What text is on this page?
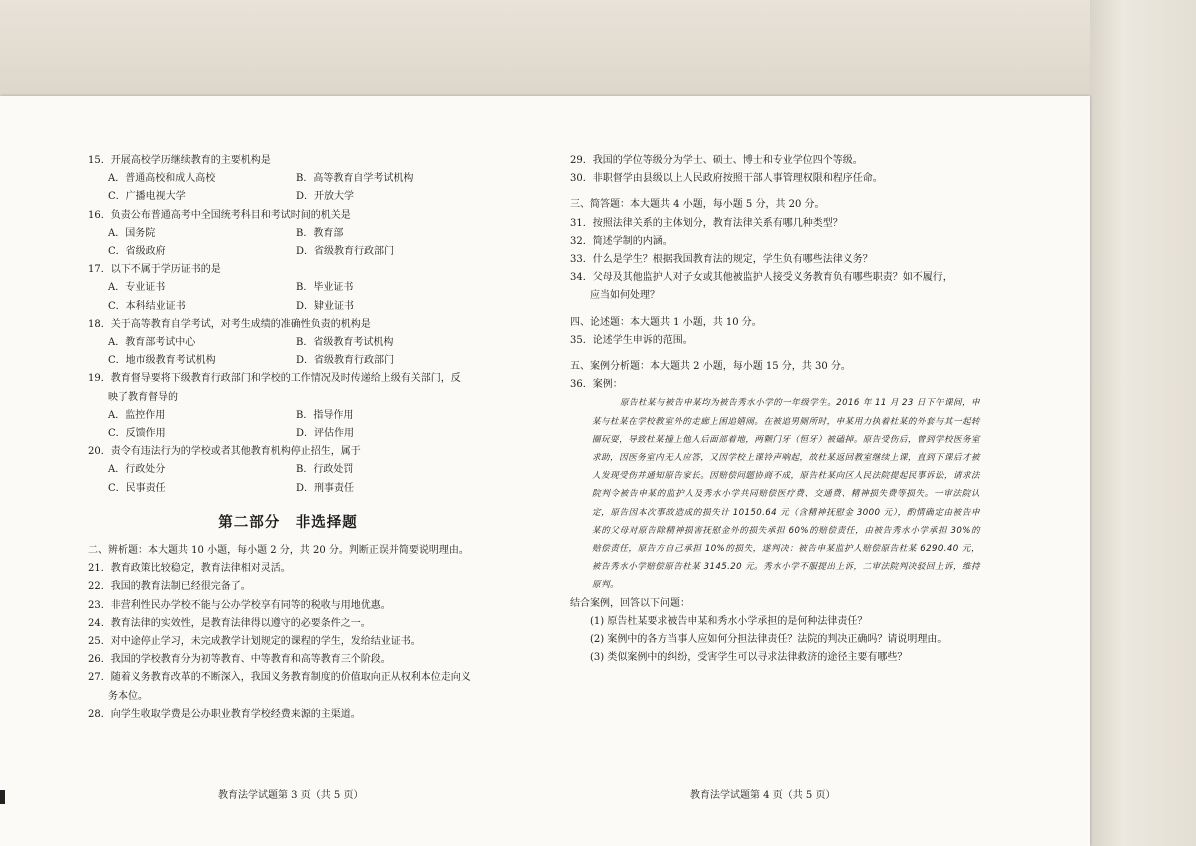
15．开展高校学历继续教育的主要机构是
A．普通高校和成人高校	B．高等教育自学考试机构
C．广播电视大学	D．开放大学
16．负责公布普通高考中全国统考科目和考试时间的机关是
A．国务院	B．教育部
C．省级政府	D．省级教育行政部门
17．以下不属于学历证书的是
A．专业证书	B．毕业证书
C．本科结业证书	D．肄业证书
18．关于高等教育自学考试，对考生成绩的准确性负责的机构是
A．教育部考试中心	B．省级教育考试机构
C．地市级教育考试机构	D．省级教育行政部门
19．教育督导要将下级教育行政部门和学校的工作情况及时传递给上级有关部门，反
映了教育督导的
A．监控作用	B．指导作用
C．反馈作用	D．评估作用
20．责令有违法行为的学校或者其他教育机构停止招生，属于
A．行政处分	B．行政处罚
C．民事责任	D．刑事责任
第二部分　非选择题
二、辨析题：本大题共 10 小题，每小题 2 分，共 20 分。判断正误并简要说明理由。
21．教育政策比较稳定，教育法律相对灵活。
22．我国的教育法制已经很完备了。
23．非营利性民办学校不能与公办学校享有同等的税收与用地优惠。
24．教育法律的实效性，是教育法律得以遵守的必要条件之一。
25．对中途停止学习，未完成教学计划规定的课程的学生，发给结业证书。
26．我国的学校教育分为初等教育、中等教育和高等教育三个阶段。
27．随着义务教育改革的不断深入，我国义务教育制度的价值取向正从权利本位走向义
务本位。
28．向学生收取学费是公办职业教育学校经费来源的主渠道。
29．我国的学位等级分为学士、硕士、博士和专业学位四个等级。
30．非职督学由县级以上人民政府按照干部人事管理权限和程序任命。
三、简答题：本大题共 4 小题，每小题 5 分，共 20 分。
31．按照法律关系的主体划分，教育法律关系有哪几种类型？
32．简述学制的内涵。
33．什么是学生？根据我国教育法的规定，学生负有哪些法律义务？
34．父母及其他监护人对子女或其他被监护人接受义务教育负有哪些职责？如不履行，
应当如何处理？
四、论述题：本大题共 1 小题，共 10 分。
35．论述学生申诉的范围。
五、案例分析题：本大题共 2 小题，每小题 15 分，共 30 分。
36．案例：
原告杜某与被告申某均为被告秀水小学的一年级学生。2016 年 11 月 23 日下午课间，申某与杜某在学校教室外的走廊上困追嬉闹。在被追男厕所时，申某用力执着杜某的外套与其一起转圈玩耍，导致杜某撞上他人后面部着地，两颗门牙（恒牙）被磕掉。原告受伤后，曾到学校医务室求助，因医务室内无人应答，又因学校上课铃声响起，故杜某返回教室继续上课，直到下课后才被人发现受伤并通知原告家长。因赔偿问题协商不成，原告杜某向区人民法院提起民事诉讼，请求法院判令被告申某的监护人及秀水小学共同赔偿医疗费、交通费、精神损失费等损失。一审法院认定，原告因本次事故造成的损失计 10150.64 元（含精神抚慰金 3000 元），酌情确定由被告申某的父母对原告除精神损害抚慰金外的损失承担 60%的赔偿责任，由被告秀水小学承担 30%的赔偿责任，原告方自己承担 10%的损失，遂判决：被告申某监护人赔偿原告杜某 6290.40 元，被告秀水小学赔偿原告杜某 3145.20 元。秀水小学不服提出上诉，二审法院判决驳回上诉，维持原判。
结合案例，回答以下问题：
(1) 原告杜某要求被告申某和秀水小学承担的是何种法律责任？
(2) 案例中的各方当事人应如何分担法律责任？法院的判决正确吗？请说明理由。
(3) 类似案例中的纠纷，受害学生可以寻求法律救济的途径主要有哪些？
教育法学试题第 3 页（共 5 页）	教育法学试题第 4 页（共 5 页）
